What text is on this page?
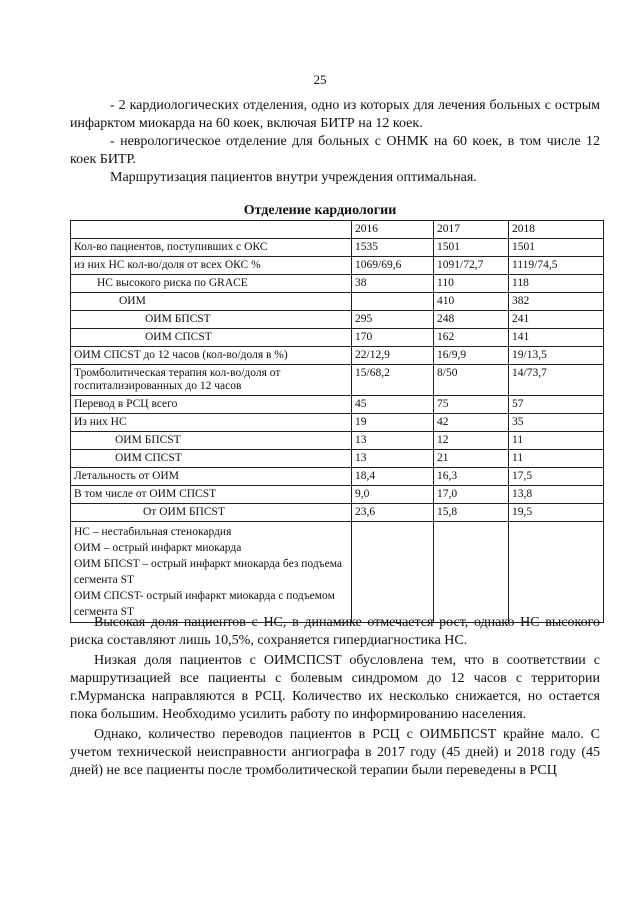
25

- 2 кардиологических отделения, одно из которых для лечения больных с острым инфарктом миокарда на 60 коек, включая БИТР на 12 коек.

- неврологическое отделение для больных с ОНМК на 60 коек, в том числе 12 коек БИТР.

Маршрутизация пациентов внутри учреждения оптимальная.

Отделение кардиологии
	2016	2017	2018
Кол-во пациентов, поступивших с ОКС	1535	1501	1501
из них НС кол-во/доля от всех ОКС %	1069/69,6	1091/72,7	1119/74,5
НС высокого риска по GRACE	38	110	118
ОИМ		410	382
ОИМ БПСST	295	248	241
ОИМ СПСST	170	162	141
ОИМ СПСST до 12 часов (кол-во/доля в %)	22/12,9	16/9,9	19/13,5
Тромболитическая терапия кол-во/доля от госпитализированных до 12 часов	15/68,2	8/50	14/73,7
Перевод в РСЦ всего	45	75	57
Из них НС	19	42	35
ОИМ БПСST	13	12	11
ОИМ СПСST	13	21	11
Летальность от ОИМ	18,4	16,3	17,5
В том числе от ОИМ СПСST	9,0	17,0	13,8
От ОИМ БПСST	23,6	15,8	19,5

НС – нестабильная стенокардия
ОИМ – острый инфаркт миокарда
ОИМ БПСST – острый инфаркт миокарда без подъема сегмента ST
ОИМ СПСST- острый инфаркт миокарда с подъемом сегмента ST			

Высокая доля пациентов с НС, в динамике отмечается рост, однако НС высокого риска составляют лишь 10,5%, сохраняется гипердиагностика НС.

Низкая доля пациентов с ОИМСПСST обусловлена тем, что в соответствии с маршрутизацией все пациенты с болевым синдромом до 12 часов с территории г.Мурманска направляются в РСЦ. Количество их несколько снижается, но остается пока большим. Необходимо усилить работу по информированию населения.

Однако, количество переводов пациентов в РСЦ с ОИМБПСST крайне мало. С учетом технической неисправности ангиографа в 2017 году (45 дней) и 2018 году (45 дней) не все пациенты после тромболитической терапии были переведены в РСЦ
